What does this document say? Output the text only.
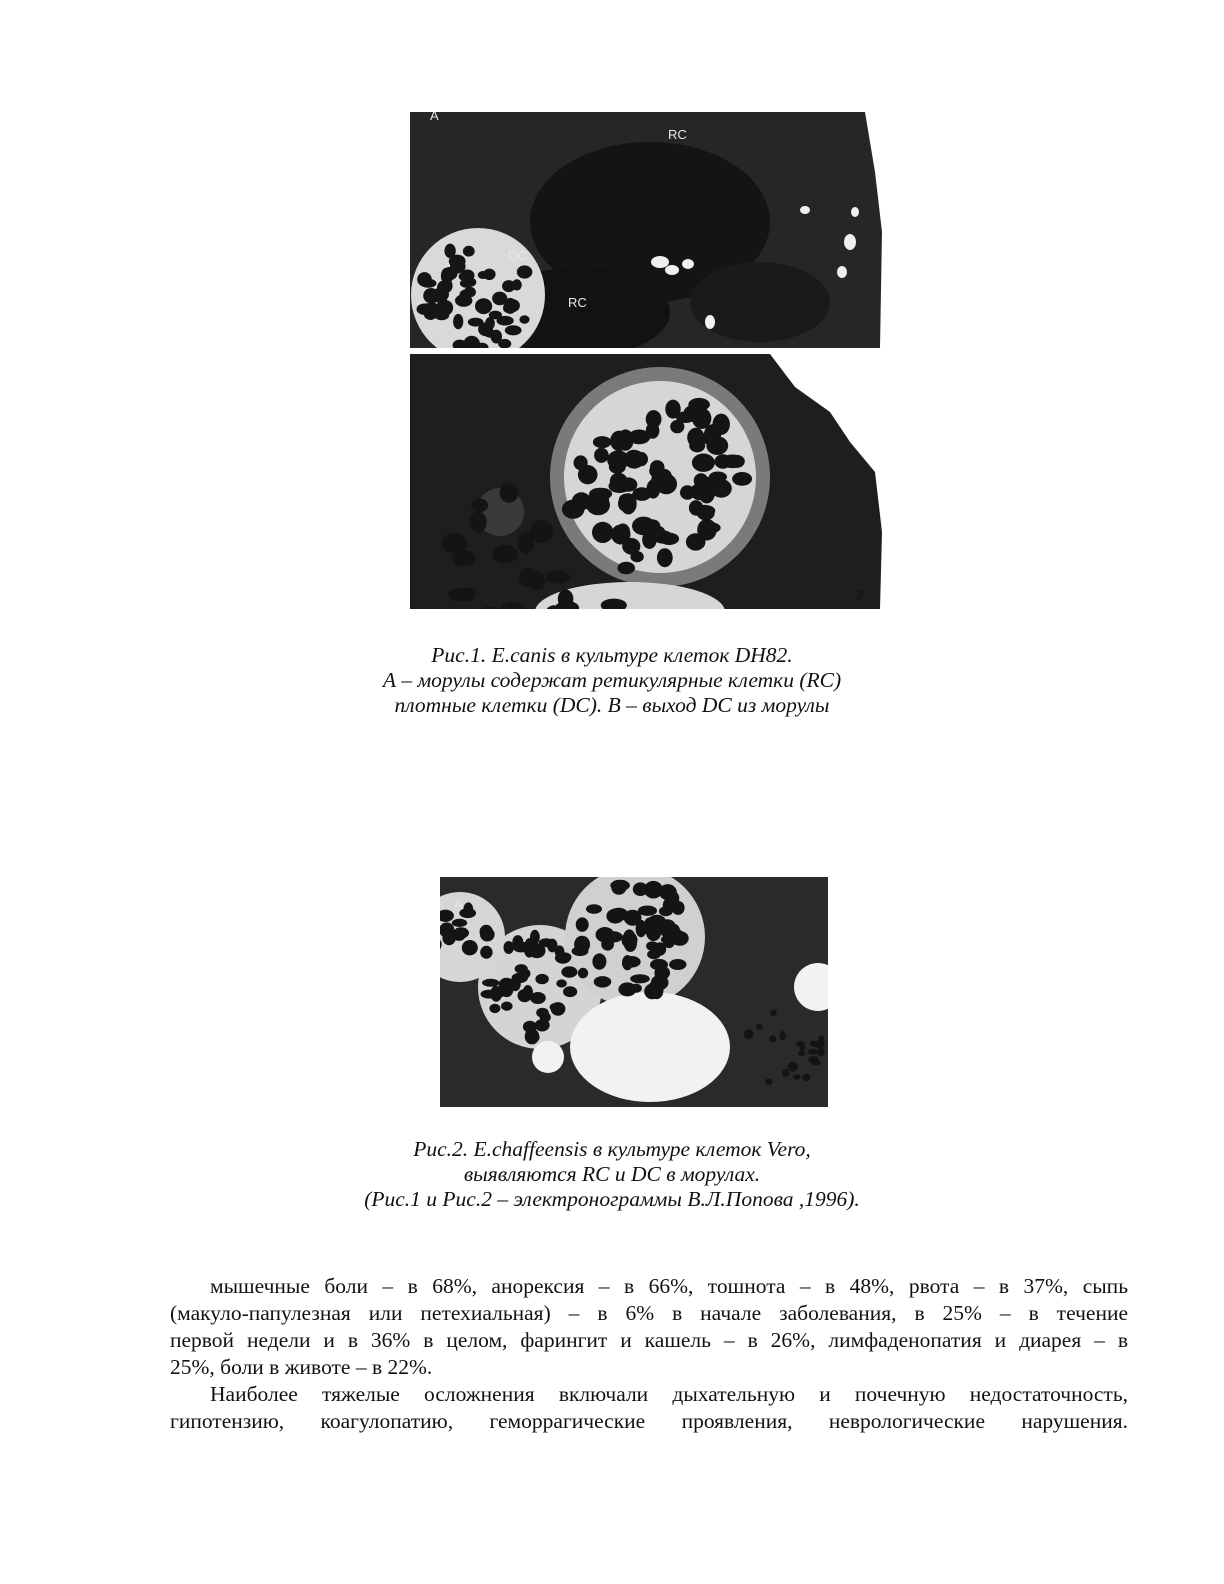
A
RC
DC
RC
2
Рис.1. E.canis в культуре клеток DH82.
А – морулы содержат ретикулярные клетки (RC)
плотные клетки (DC). B – выход DC из морулы
A
Рис.2. E.chaffeensis в культуре клеток Vero,
выявляются RC и DC в морулах.
(Рис.1 и Рис.2 – электронограммы В.Л.Попова ,1996).
мышечные боли – в 68%, анорексия – в 66%, тошнота – в 48%, рвота – в 37%, сыпь
(макуло-папулезная или петехиальная) – в 6% в начале заболевания, в 25% – в течение
первой недели и в 36% в целом, фарингит и кашель – в 26%, лимфаденопатия и диарея – в
25%, боли в животе – в 22%.
Наиболее тяжелые осложнения включали дыхательную и почечную недостаточность,
гипотензию, коагулопатию, геморрагические проявления, неврологические нарушения.
